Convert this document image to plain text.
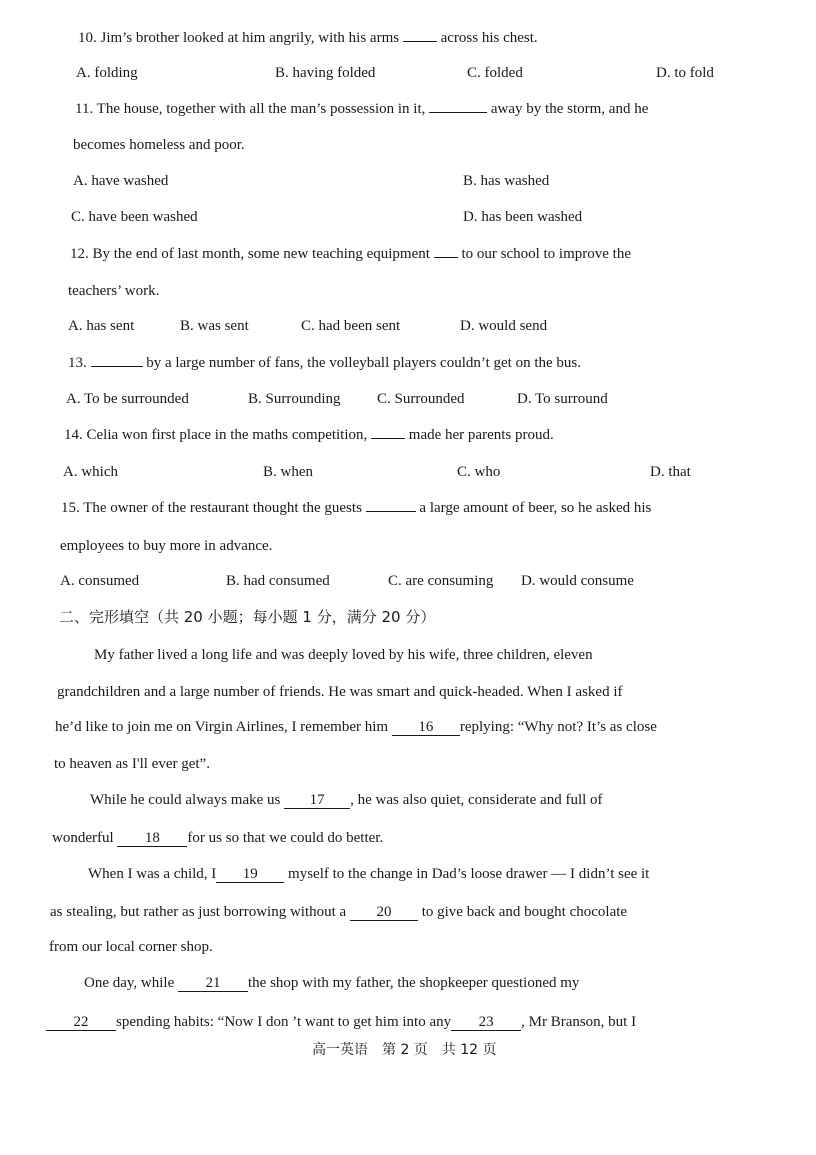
10. Jim’s brother looked at him angrily, with his arms  across his chest.
A. folding	B. having folded	C. folded	D. to fold
11. The house, together with all the man’s possession in it,	away by the storm, and he
becomes homeless and poor.
A. have washed	B. has washed
C. have been washed	D. has been washed
12. By the end of last month, some new teaching equipment  to our school to improve the
teachers’ work.
A. has sent	B. was sent	C. had been sent	D. would send
13.	by a large number of fans, the volleyball players couldn’t get on the bus.
A. To be surrounded	B. Surrounding C. Surrounded	D. To surround
14. Celia won first place in the maths competition,  made her parents proud.
A. which	B. when	C. who	D. that
15. The owner of the restaurant thought the guests	a large amount of beer, so he asked his
employees to buy more in advance.
A. consumed	B. had consumed	C. are consuming D. would consume
二、完形填空（共 20 小题；每小题 1 分，满分 20 分）
My father lived a long life and was deeply loved by his wife, three children, eleven
grandchildren and a large number of friends. He was smart and quick-headed. When I asked if
he’d like to join me on Virgin Airlines, I remember him 16 replying: “Why not? It’s as close
to heaven as I'll ever get”.
While he could always make us 17 , he was also quiet, considerate and full of
wonderful 18 for us so that we could do better.
When I was a child, I 19 myself to the change in Dad’s loose drawer — I didn’t see it
as stealing, but rather as just borrowing without a 20 to give back and bought chocolate
from our local corner shop.
One day, while 21 the shop with my father, the shopkeeper questioned my
22 spending habits: “Now I don ’t want to get him into any 23 , Mr Branson, but I
高一英语　第 2 页　共 12 页
